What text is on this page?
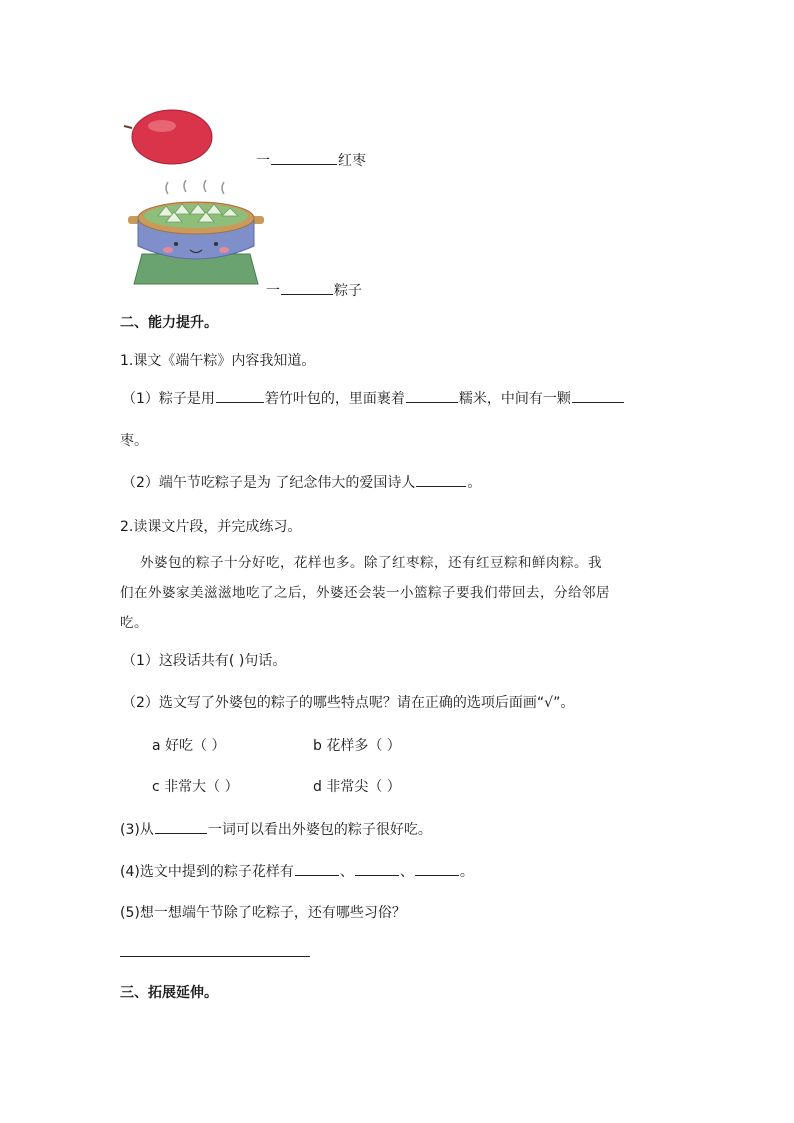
一	红枣
一	粽子
二、能力提升。
1.课文《端午粽》内容我知道。
（1）粽子是用	箬竹叶包的，里面裹着	糯米，中间有一颗
枣。
（2）端午节吃粽子是为 了纪念伟大的爱国诗人	。
2.读课文片段，并完成练习。
外婆包的粽子十分好吃，花样也多。除了红枣粽，还有红豆粽和鲜肉粽。我
们在外婆家美滋滋地吃了之后，外婆还会装一小篮粽子要我们带回去，分给邻居
吃。
（1）这段话共有( )句话。
（2）选文写了外婆包的粽子的哪些特点呢？请在正确的选项后面画“√”。
a 好吃（ ）	b 花样多（ ）
c 非常大（ ）	d 非常尖（ ）
(3)从	一词可以看出外婆包的粽子很好吃。
(4)选文中提到的粽子花样有	、	、	。
(5)想一想端午节除了吃粽子，还有哪些习俗？
三、拓展延伸。
